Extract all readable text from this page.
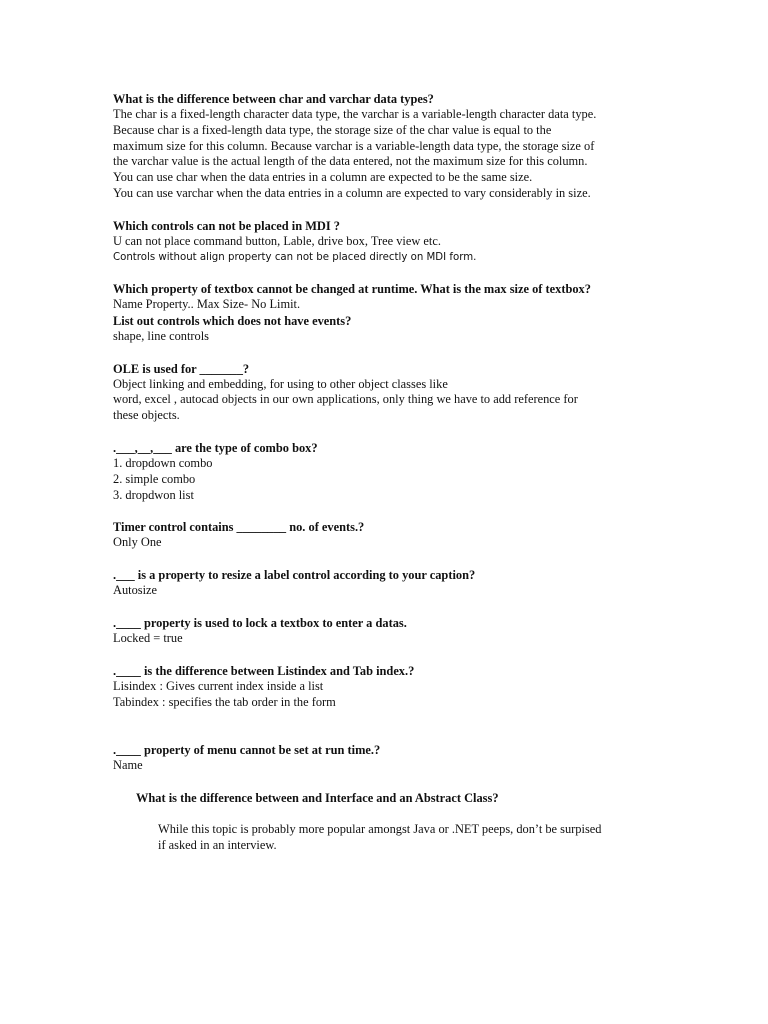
What is the difference between char and varchar data types?

The char is a fixed-length character data type, the varchar is a variable-length character data type.

Because char is a fixed-length data type, the storage size of the char value is equal to the

maximum size for this column. Because varchar is a variable-length data type, the storage size of

the varchar value is the actual length of the data entered, not the maximum size for this column.

You can use char when the data entries in a column are expected to be the same size.

You can use varchar when the data entries in a column are expected to vary considerably in size.

Which controls can not be placed in MDI ?

U can not place command button, Lable, drive box, Tree view etc.

Controls without align property can not be placed directly on MDI form.

Which property of textbox cannot be changed at runtime. What is the max size of textbox?

Name Property.. Max Size- No Limit.

List out controls which does not have events?

shape, line controls

OLE is used for _______?

Object linking and embedding, for using to other object classes like

word, excel , autocad objects in our own applications, only thing we have to add reference for

these objects.

.___,__,___ are the type of combo box?

1. dropdown combo

2. simple combo

3. dropdwon list

Timer control contains ________ no. of events.?

Only One

.___ is a property to resize a label control according to your caption?

Autosize

.____ property is used to lock a textbox to enter a datas.

Locked = true

.____ is the difference between Listindex and Tab index.?

Lisindex : Gives current index inside a list

Tabindex : specifies the tab order in the form

.____ property of menu cannot be set at run time.?

Name

What is the difference between and Interface and an Abstract Class?

While this topic is probably more popular amongst Java or .NET peeps, don’t be surpised

if asked in an interview.
